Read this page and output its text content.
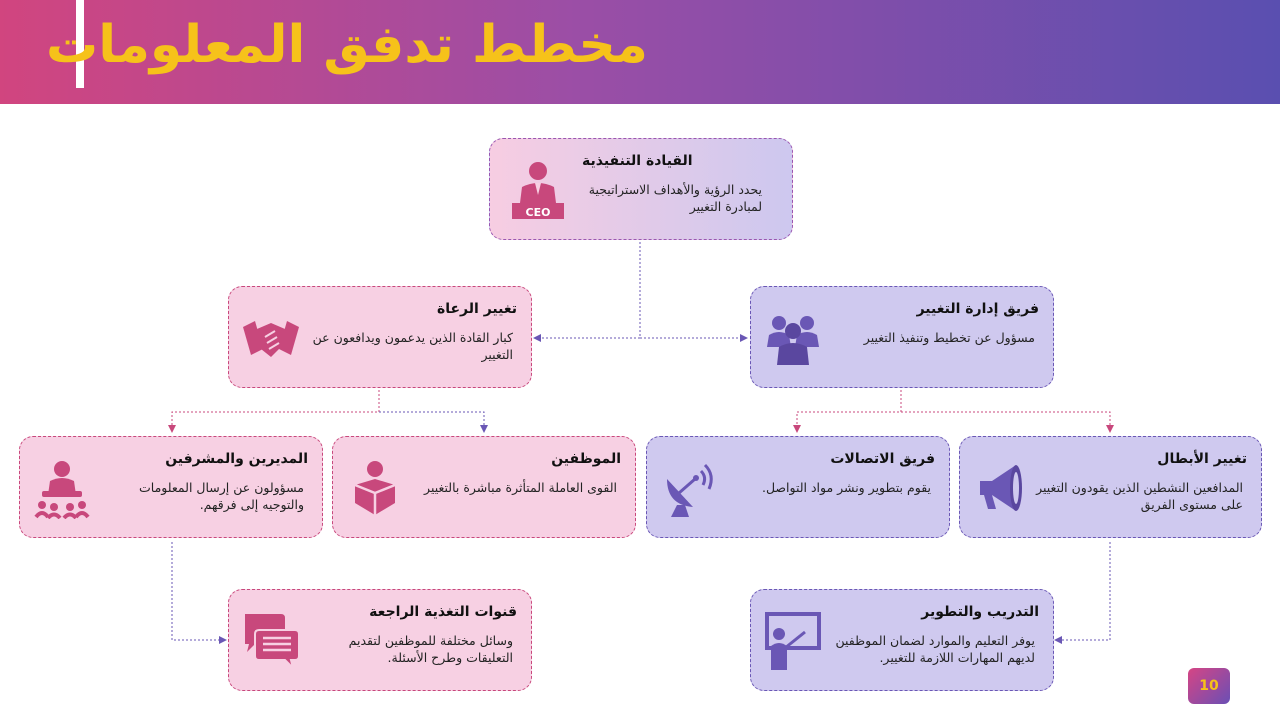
مخطط تدفق المعلومات
CEO
القيادة التنفيذية
يحدد الرؤية والأهداف الاستراتيجية لمبادرة التغيير
تغيير الرعاة
كبار القادة الذين يدعمون ويدافعون عن التغيير
فريق إدارة التغيير
مسؤول عن تخطيط وتنفيذ التغيير
المديرين والمشرفين
مسؤولون عن إرسال المعلومات والتوجيه إلى فرقهم.
الموظفين
القوى العاملة المتأثرة مباشرة بالتغيير
فريق الاتصالات
يقوم بتطوير ونشر مواد التواصل.
تغيير الأبطال
المدافعين النشطين الذين يقودون التغيير على مستوى الفريق
قنوات التغذية الراجعة
وسائل مختلفة للموظفين لتقديم التعليقات وطرح الأسئلة.
التدريب والتطوير
يوفر التعليم والموارد لضمان الموظفين لديهم المهارات اللازمة للتغيير.
10
